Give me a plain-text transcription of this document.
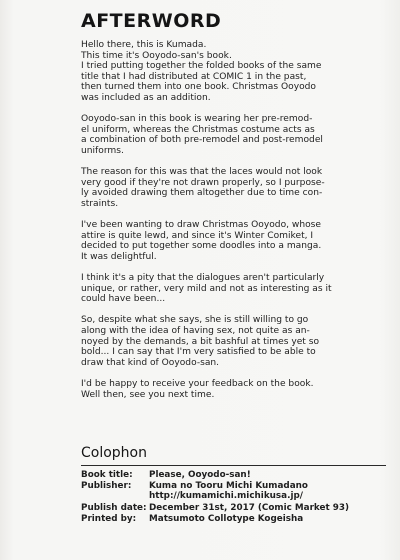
AFTERWORD

Hello there, this is Kumada.
This time it's Ooyodo-san's book.
I tried putting together the folded books of the same
title that I had distributed at COMIC 1 in the past,
then turned them into one book. Christmas Ooyodo
was included as an addition.

Ooyodo-san in this book is wearing her pre-remod-
el uniform, whereas the Christmas costume acts as
a combination of both pre-remodel and post-remodel
uniforms.

The reason for this was that the laces would not look
very good if they're not drawn properly, so I purpose-
ly avoided drawing them altogether due to time con-
straints.

I've been wanting to draw Christmas Ooyodo, whose
attire is quite lewd, and since it's Winter Comiket, I
decided to put together some doodles into a manga.
It was delightful.

I think it's a pity that the dialogues aren't particularly
unique, or rather, very mild and not as interesting as it
could have been...

So, despite what she says, she is still willing to go
along with the idea of having sex, not quite as an-
noyed by the demands, a bit bashful at times yet so
bold... I can say that I'm very satisfied to be able to
draw that kind of Ooyodo-san.

I'd be happy to receive your feedback on the book.
Well then, see you next time.

Colophon
Book title:	Please, Ooyodo-san!
Publisher:	Kuma no Tooru Michi Kumadano
http://kumamichi.michikusa.jp/
Publish date: December 31st, 2017 (Comic Market 93)
Printed by:	Matsumoto Collotype Kogeisha
